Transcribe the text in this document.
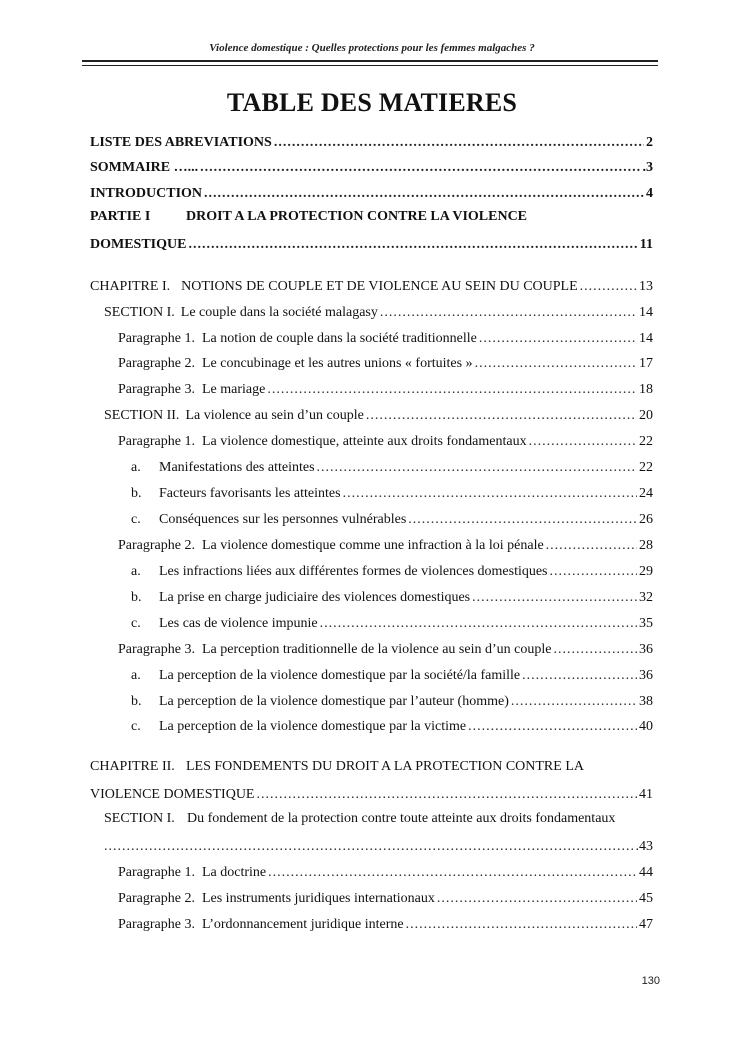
Violence domestique : Quelles protections pour les femmes malgaches ?
TABLE DES MATIERES
LISTE DES ABREVIATIONS .....	2
SOMMAIRE …... .....	.3
INTRODUCTION .....	4
PARTIE I	DROIT A LA PROTECTION CONTRE LA VIOLENCE
DOMESTIQUE .....	11
CHAPITRE I. NOTIONS DE COUPLE ET DE VIOLENCE AU SEIN DU COUPLE .....	13
SECTION I. Le couple dans la société malagasy .....	14
Paragraphe 1. La notion de couple dans la société traditionnelle .....	14
Paragraphe 2. Le concubinage et les autres unions « fortuites » .....	17
Paragraphe 3. Le mariage .....	18
SECTION II. La violence au sein d’un couple .....	20
Paragraphe 1. La violence domestique, atteinte aux droits fondamentaux .....	22
a.	Manifestations des atteintes .....	22
b.	Facteurs favorisants les atteintes .....	24
c.	Conséquences sur les personnes vulnérables .....	26
Paragraphe 2. La violence domestique comme une infraction à la loi pénale .....	28
a.	Les infractions liées aux différentes formes de violences domestiques .....	29
b.	La prise en charge judiciaire des violences domestiques .....	32
c.	Les cas de violence impunie .....	35
Paragraphe 3. La perception traditionnelle de la violence au sein d’un couple .....	36
a.	La perception de la violence domestique par la société/la famille .....	36
b.	La perception de la violence domestique par l’auteur (homme) .....	38
c.	La perception de la violence domestique par la victime .....	40
CHAPITRE II. LES FONDEMENTS DU DROIT A LA PROTECTION CONTRE LA
VIOLENCE DOMESTIQUE .....	41
SECTION I. Du fondement de la protection contre toute atteinte aux droits fondamentaux
.....
.43
Paragraphe 1. La doctrine .....	44
Paragraphe 2. Les instruments juridiques internationaux .....	45
Paragraphe 3. L’ordonnancement juridique interne .....	47
130
